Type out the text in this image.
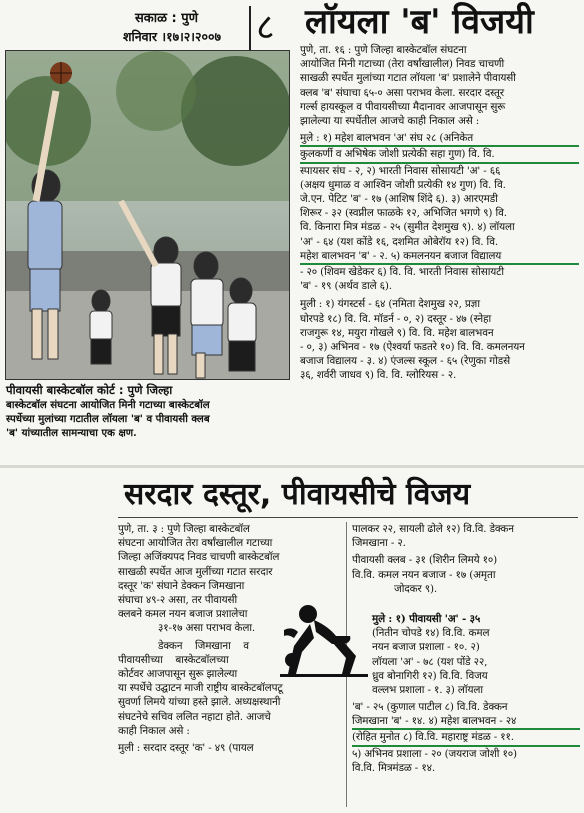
सकाळ : पुणे
शनिवार ।१७।२।२००७ ८ लॉयला 'ब' विजयी
पीवायसी बास्केटबॉल कोर्ट : पुणे जिल्हा
बास्केटबॉल संघटना आयोजित मिनी गटाच्या बास्केटबॉल
स्पर्धेच्या मुलांच्या गटातील लॉयला 'ब' व पीवायसी क्लब
'ब' यांच्यातील सामन्याचा एक क्षण.
पुणे, ता. १६ : पुणे जिल्हा बास्केटबॉल संघटना
आयोजित मिनी गटाच्या (तेरा वर्षांखालील) निवड चाचणी
साखळी स्पर्धेत मुलांच्या गटात लॉयला 'ब' प्रशालेने पीवायसी
क्लब 'ब' संघाचा ६५-० असा पराभव केला. सरदार दस्तूर
गर्ल्स हायस्कूल व पीवायसीच्या मैदानावर आजपासून सुरू
झालेल्या या स्पर्धेतील आजचे काही निकाल असे :
मुले : १) महेश बालभवन 'अ' संघ २८ (अनिकेत
कुलकर्णी व अभिषेक जोशी प्रत्येकी सहा गुण) वि. वि.
स्पायसर संघ - २, २) भारती निवास सोसायटी 'अ' - ६६
(अक्षय धुमाळ व आश्विन जोशी प्रत्येकी १४ गुण) वि. वि.
जे.एन. पेटिट 'ब' - १७ (आशिष शिंदे ६). ३) आरएमडी
शिरूर - ३२ (स्वप्नील फाळके १२, अभिजित भगणे ९) वि.
वि. किनारा मित्र मंडळ - २५ (सुमीत देशमुख ९). ४) लॉयला
'अ' - ६४ (यश कोंडे १६, दशमित ओबेरॉय १२) वि. वि.
महेश बालभवन 'ब' - २. ५) कमलनयन बजाज विद्यालय
- २० (शिवम खेडेकर ६) वि. वि. भारती निवास सोसायटी
'ब' - १९ (अर्थव डाले ६).
मुली : १) यंगस्टर्स - ६४ (नमिता देशमुख २२, प्रज्ञा
घोरपडे १८) वि. वि. मॉडर्न - ०, २) दस्तूर - ४७ (स्नेहा
राजगुरू १४, मयुरा गोखले ९) वि. वि. महेश बालभवन
- ०, ३) अभिनव - १७ (ऐश्वर्या फडतरे १०) वि. वि. कमलनयन
बजाज विद्यालय - ३. ४) एंजल्स स्कूल - ६५ (रेणुका गोडसे
३६, शर्वरी जाधव ९) वि. वि. ग्लोरियस - २.
सरदार दस्तूर, पीवायसीचे विजय
पुणे, ता. ३ : पुणे जिल्हा बास्केटबॉल
संघटना आयोजित तेरा वर्षांखालील गटाच्या
जिल्हा अजिंक्यपद निवड चाचणी बास्केटबॉल
साखळी स्पर्धेत आज मुलींच्या गटात सरदार
दस्तूर 'क' संघाने डेक्कन जिमखाना
संघाचा ४९-२ असा, तर पीवायसी
क्लबने कमल नयन बजाज प्रशालेचा
३१-१७ असा पराभव केला.
डेक्कन    जिमखाना    व
पीवायसीच्या    बास्केटबॉलच्या
कोर्टवर आजपासून सुरू झालेल्या
या स्पर्धेचे उद्घाटन माजी राष्ट्रीय बास्केटबॉलपटू
सुवर्णा लिमये यांच्या हस्ते झाले. अध्यक्षस्थानी
संघटनेचे सचिव ललित नहाटा होते. आजचे
काही निकाल असे :
मुली : सरदार दस्तूर 'क' - ४९ (पायल
पालकर २२, सायली ढोले १२) वि.वि. डेक्कन
जिमखाना - २.
पीवायसी क्लब - ३१ (शिरीन लिमये १०)
वि.वि. कमल नयन बजाज - १७ (अमृता
जोदकर ९).
मुले : १) पीवायसी 'अ' - ३५
(नितीन चोपडे १४) वि.वि. कमल
नयन बजाज प्रशाला - १०. २)
लॉयला 'अ' - ७८ (यश पोंडे २२,
ध्रुव बोनागिरी १२) वि.वि. विजय
वल्लभ प्रशाला - १. ३) लॉयला
'ब' - २५ (कुणाल पाटील ८) वि.वि. डेक्कन
जिमखाना 'ब' - १४. ४) महेश बालभवन - २४
(रोहित मुनोत ८) वि.वि. महाराष्ट्र मंडळ - ११.
५) अभिनव प्रशाला - २० (जयराज जोशी १०)
वि.वि. मित्रमंडळ - १४.
